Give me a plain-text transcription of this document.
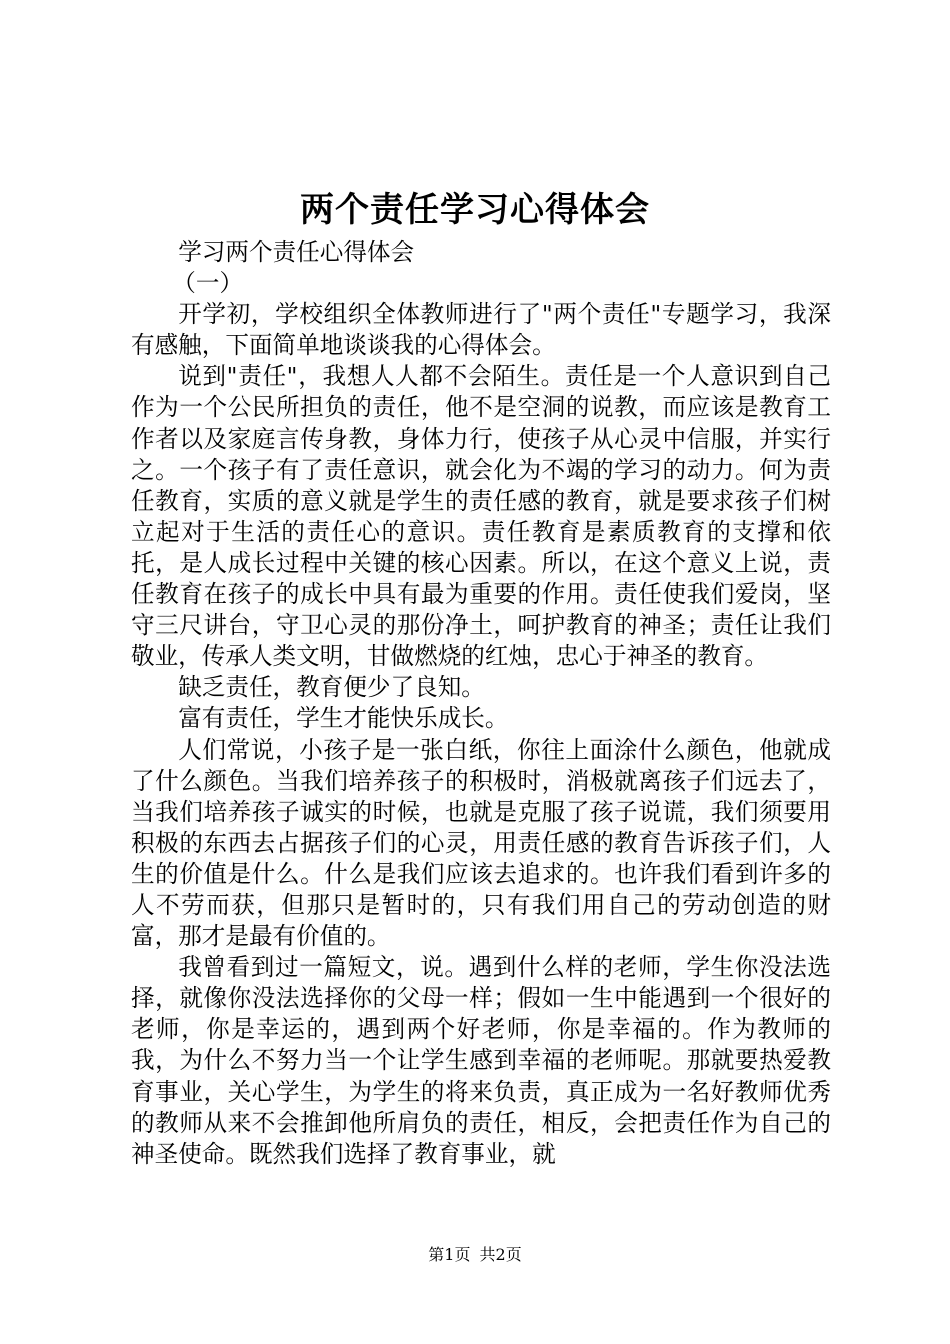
两个责任学习心得体会

学习两个责任心得体会

（一）

开学初，学校组织全体教师进行了"两个责任"专题学习，我深有感触，下面简单地谈谈我的心得体会。

说到"责任"，我想人人都不会陌生。责任是一个人意识到自己作为一个公民所担负的责任，他不是空洞的说教，而应该是教育工作者以及家庭言传身教，身体力行，使孩子从心灵中信服，并实行之。一个孩子有了责任意识，就会化为不竭的学习的动力。何为责任教育，实质的意义就是学生的责任感的教育，就是要求孩子们树立起对于生活的责任心的意识。责任教育是素质教育的支撑和依托，是人成长过程中关键的核心因素。所以，在这个意义上说，责任教育在孩子的成长中具有最为重要的作用。责任使我们爱岗，坚守三尺讲台，守卫心灵的那份净土，呵护教育的神圣；责任让我们敬业，传承人类文明，甘做燃烧的红烛，忠心于神圣的教育。

缺乏责任，教育便少了良知。

富有责任，学生才能快乐成长。

人们常说，小孩子是一张白纸，你往上面涂什么颜色，他就成了什么颜色。当我们培养孩子的积极时，消极就离孩子们远去了，当我们培养孩子诚实的时候，也就是克服了孩子说谎，我们须要用积极的东西去占据孩子们的心灵，用责任感的教育告诉孩子们，人生的价值是什么。什么是我们应该去追求的。也许我们看到许多的人不劳而获，但那只是暂时的，只有我们用自己的劳动创造的财富，那才是最有价值的。

我曾看到过一篇短文，说。遇到什么样的老师，学生你没法选择，就像你没法选择你的父母一样；假如一生中能遇到一个很好的老师，你是幸运的，遇到两个好老师，你是幸福的。作为教师的我，为什么不努力当一个让学生感到幸福的老师呢。那就要热爱教育事业，关心学生，为学生的将来负责，真正成为一名好教师优秀的教师从来不会推卸他所肩负的责任，相反，会把责任作为自己的神圣使命。既然我们选择了教育事业，就

第1页 共2页
